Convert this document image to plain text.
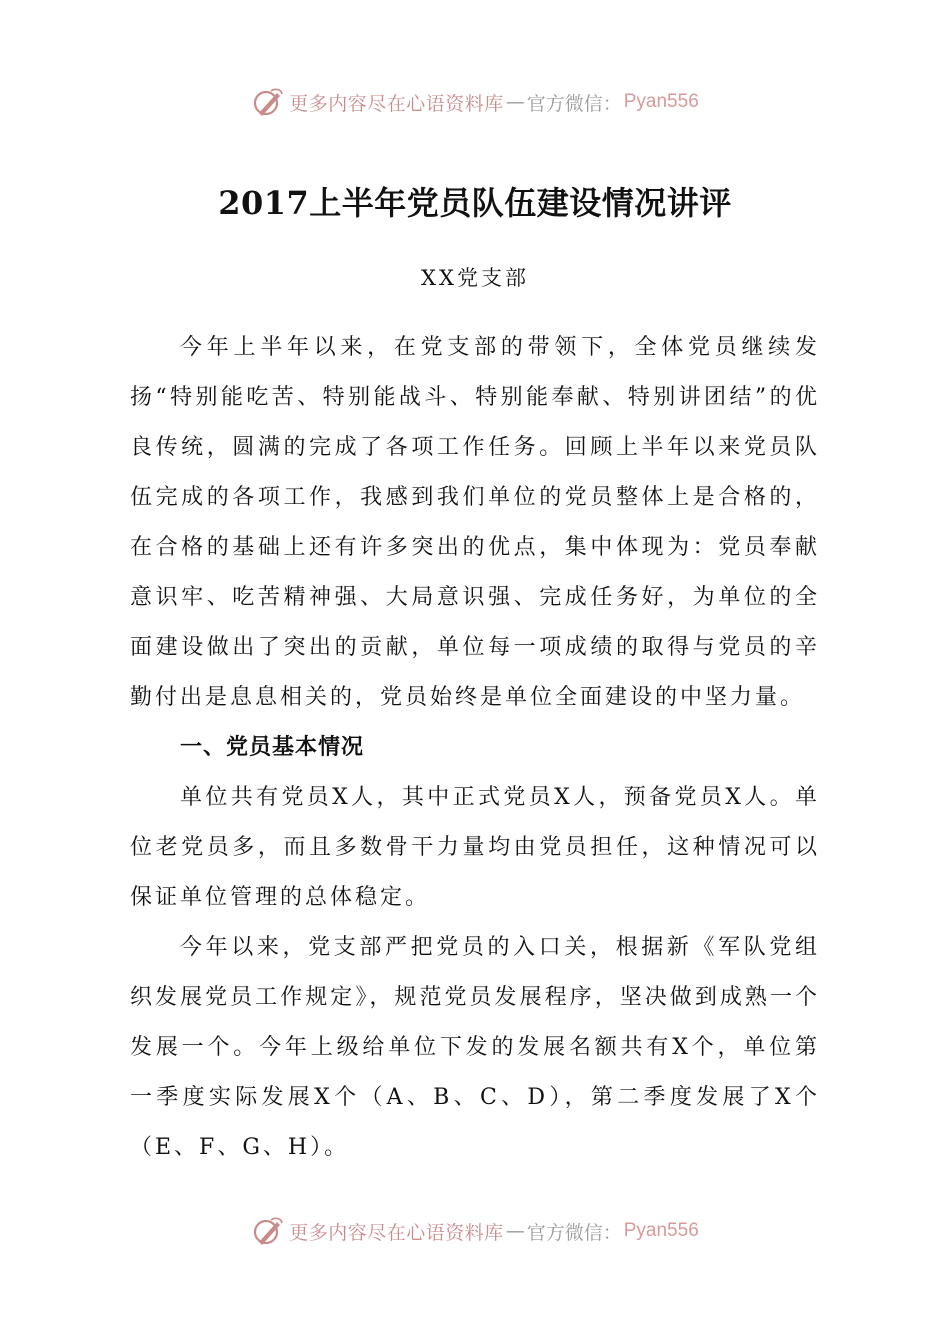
更多内容尽在心语资料库 — 官方微信： Pyan556
2017上半年党员队伍建设情况讲评
XX党支部

今年上半年以来，在党支部的带领下，全体党员继续发扬“特别能吃苦、特别能战斗、特别能奉献、特别讲团结”的优良传统，圆满的完成了各项工作任务。回顾上半年以来党员队伍完成的各项工作，我感到我们单位的党员整体上是合格的，在合格的基础上还有许多突出的优点，集中体现为：党员奉献意识牢、吃苦精神强、大局意识强、完成任务好，为单位的全面建设做出了突出的贡献，单位每一项成绩的取得与党员的辛勤付出是息息相关的，党员始终是单位全面建设的中坚力量。

一、党员基本情况

单位共有党员X人，其中正式党员X人，预备党员X人。单位老党员多，而且多数骨干力量均由党员担任，这种情况可以保证单位管理的总体稳定。

今年以来，党支部严把党员的入口关，根据新《军队党组织发展党员工作规定》，规范党员发展程序，坚决做到成熟一个发展一个。今年上级给单位下发的发展名额共有X个，单位第一季度实际发展X个（A、B、C、D），第二季度发展了X个（E、F、G、H）。

更多内容尽在心语资料库 — 官方微信： Pyan556
